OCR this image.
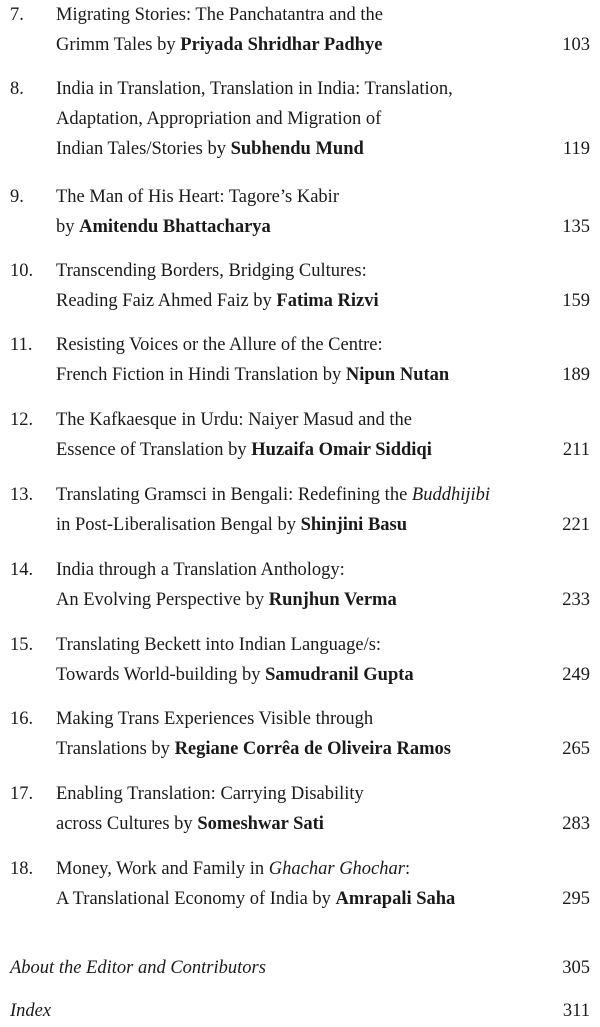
7. Migrating Stories: The Panchatantra and the
Grimm Tales by Priyada Shridhar Padhye	103
8. India in Translation, Translation in India: Translation,
Adaptation, Appropriation and Migration of
Indian Tales/Stories by Subhendu Mund	119
9. The Man of His Heart: Tagore’s Kabir
by Amitendu Bhattacharya	135
10. Transcending Borders, Bridging Cultures:
Reading Faiz Ahmed Faiz by Fatima Rizvi	159
11. Resisting Voices or the Allure of the Centre:
French Fiction in Hindi Translation by Nipun Nutan	189
12. The Kafkaesque in Urdu: Naiyer Masud and the
Essence of Translation by Huzaifa Omair Siddiqi	211
13. Translating Gramsci in Bengali: Redefining the Buddhijibi
in Post-Liberalisation Bengal by Shinjini Basu	221
14. India through a Translation Anthology:
An Evolving Perspective by Runjhun Verma	233
15. Translating Beckett into Indian Language/s:
Towards World-building by Samudranil Gupta	249
16. Making Trans Experiences Visible through
Translations by Regiane Corrêa de Oliveira Ramos	265
17. Enabling Translation: Carrying Disability
across Cultures by Someshwar Sati	283
18. Money, Work and Family in Ghachar Ghochar:
A Translational Economy of India by Amrapali Saha	295
About the Editor and Contributors	305
Index	311
